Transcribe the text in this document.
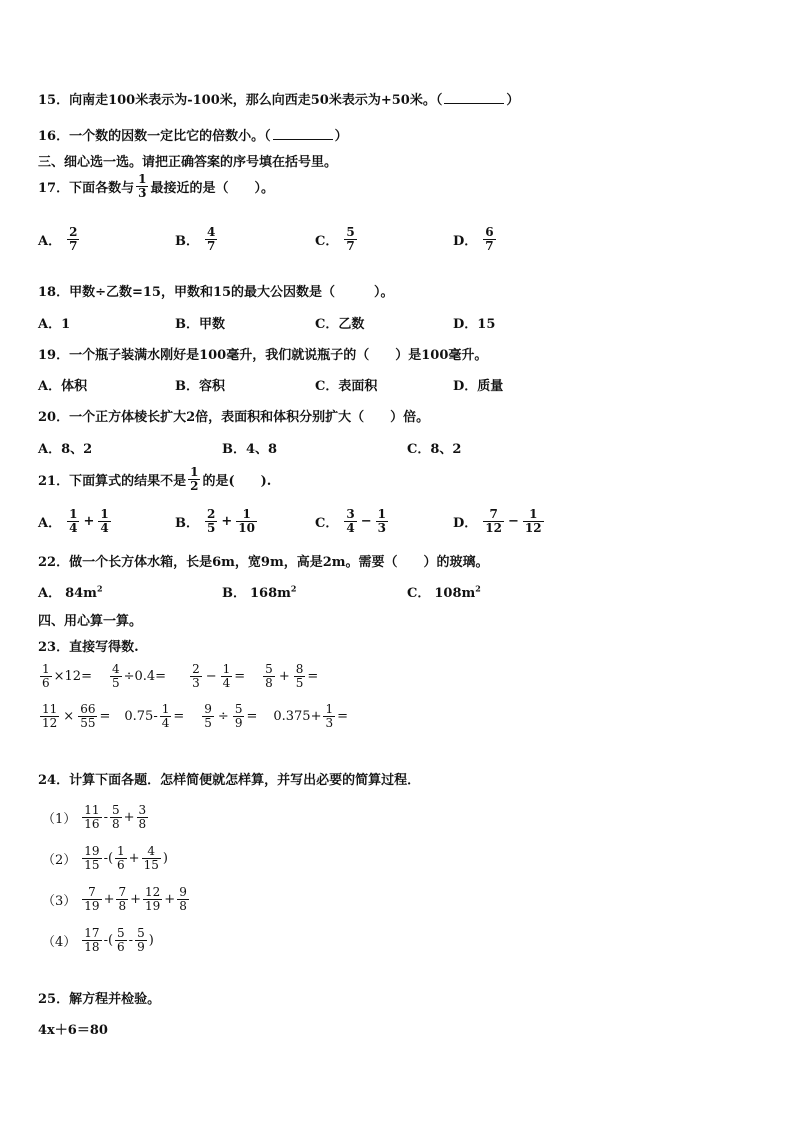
15．向南走100米表示为-100米，那么向西走50米表示为+50米。（	）
16．一个数的因数一定比它的倍数小。（	）
三、细心选一选。请把正确答案的序号填在括号里。
17． 下面各数与 $\frac{1}{3}$ 最接近的是（　　）。
A． $\frac{2}{7}$	B． $\frac{4}{7}$	C． $\frac{5}{7}$	D． $\frac{6}{7}$
18．甲数÷乙数=15，甲数和15的最大公因数是（　　　）。
A．1	B．甲数	C．乙数	D．15
19．一个瓶子装满水刚好是100毫升，我们就说瓶子的（　　）是100毫升。
A．体积	B．容积	C．表面积	D．质量
20．一个正方体棱长扩大2倍，表面积和体积分别扩大（　　）倍。
A．8、2	B．4、8	C．8、2
21． 下面算式的结果不是 $\frac{1}{2}$ 的是(　　).
A． $\frac{1}{4} + \frac{1}{4}$	B． $\frac{2}{5} + \frac{1}{10}$	C． $\frac{3}{4} - \frac{1}{3}$	D． $\frac{7}{12} - \frac{1}{12}$
22．做一个长方体水箱，长是6m，宽9m，高是2m。需要（　　）的玻璃。
A． $84m^2$	B． $168m^2$	C． $108m^2$
四、用心算一算。
23．直接写得数.
$\frac{1}{6} \times 12= \frac{4}{5} \div 0.4= \frac{2}{3} - \frac{1}{4} = \frac{5}{8} + \frac{8}{5}$ =
$\frac{11}{12} \times \frac{66}{55} = 0.75- \frac{1}{4} = \frac{9}{5} \div \frac{5}{9} = 0.375+ \frac{1}{3}$ =
24．计算下面各题．怎样简便就怎样算，并写出必要的简算过程．
$(1) \frac{11}{16} - \frac{5}{8} + \frac{3}{8}$
$(2) \frac{19}{15}$ -( $\frac{1}{6} + \frac{4}{15}$ )
$(3) \frac{7}{19} + \frac{7}{8} + \frac{12}{19} + \frac{9}{8}$
$(4) \frac{17}{18}$ -( $\frac{5}{6} - \frac{5}{9}$ )
25．解方程并检验。
4x＋6＝80
